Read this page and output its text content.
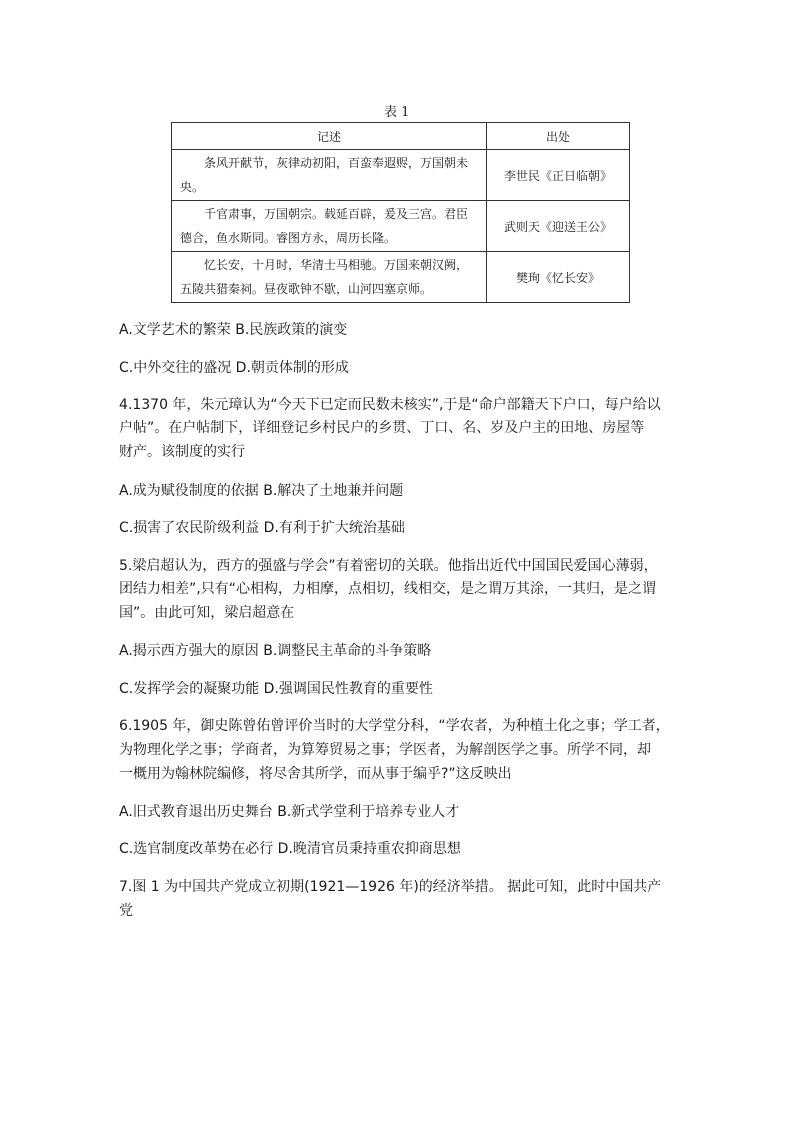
表 1
记述	出处
条风开献节，灰律动初阳，百蛮奉遐赆，万国朝未央。	李世民《正日临朝》
千官肃事，万国朝宗。载延百辟，爰及三宫。君臣德合，鱼水斯同。睿图方永，周历长隆。	武则天《迎送王公》
忆长安，十月时，华清士马相驰。万国来朝汉阙，五陵共猎秦祠。昼夜歌钟不歇，山河四塞京师。	樊珣《忆长安》
A.文学艺术的繁荣 B.民族政策的演变
C.中外交往的盛况 D.朝贡体制的形成
4.1370 年，朱元璋认为“今天下已定而民数未核实”,于是“命户部籍天下户口，每户给以
户帖”。在户帖制下，详细登记乡村民户的乡贯、丁口、名、岁及户主的田地、房屋等
财产。该制度的实行
A.成为赋役制度的依据 B.解决了土地兼并问题
C.损害了农民阶级利益 D.有利于扩大统治基础
5.梁启超认为，西方的强盛与学会”有着密切的关联。他指出近代中国国民爱国心薄弱，
团结力相差”,只有“心相构，力相摩，点相切，线相交，是之谓万其涂，一其归，是之谓
国”。由此可知，梁启超意在
A.揭示西方强大的原因 B.调整民主革命的斗争策略
C.发挥学会的凝聚功能 D.强调国民性教育的重要性
6.1905 年，御史陈曾佑曾评价当时的大学堂分科，“学农者，为种植土化之事；学工者，
为物理化学之事；学商者，为算筹贸易之事；学医者，为解剖医学之事。所学不同，却
一概用为翰林院编修，将尽舍其所学，而从事于编乎?”这反映出
A.旧式教育退出历史舞台 B.新式学堂利于培养专业人才
C.选官制度改革势在必行 D.晚清官员秉持重农抑商思想
7.图 1 为中国共产党成立初期(1921—1926 年)的经济举措。 据此可知，此时中国共产
党
